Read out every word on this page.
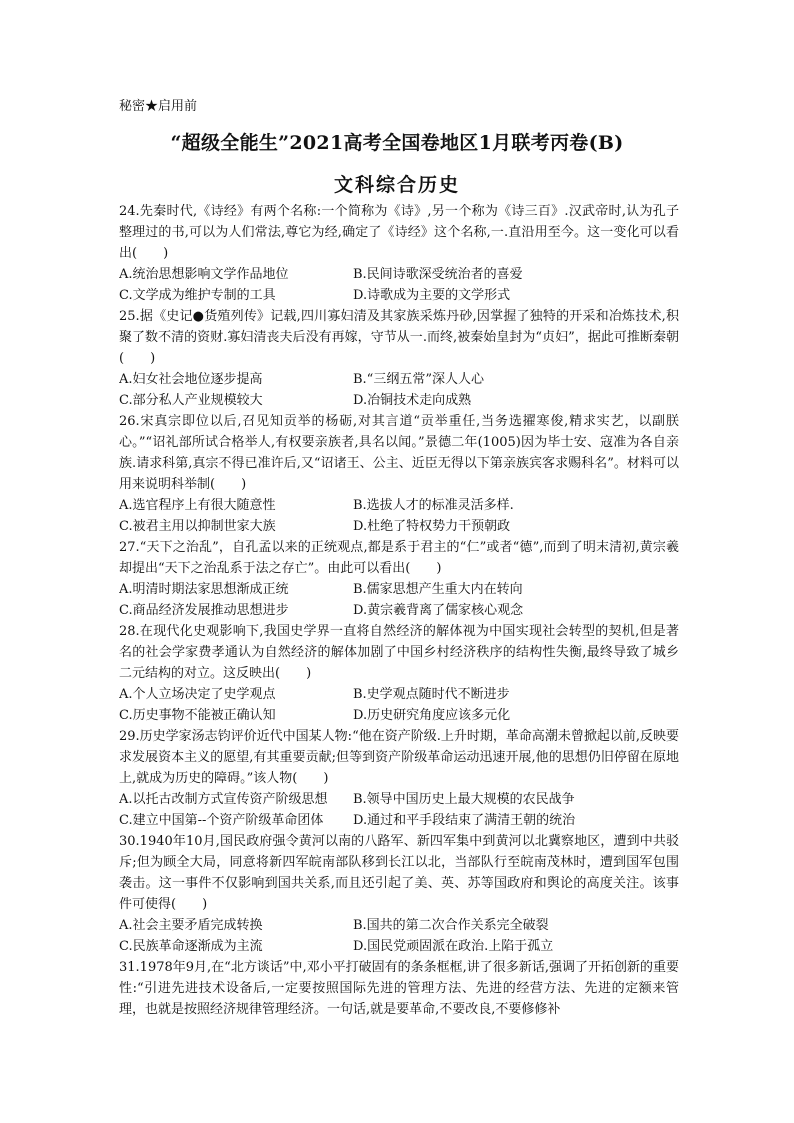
秘密★启用前
“超级全能生”2021高考全国卷地区1月联考丙卷(B)
文科综合历史

24.先秦时代,《诗经》有两个名称:一个简称为《诗》,另一个称为《诗三百》.汉武帝时,认为孔子整理过的书,可以为人们常法,尊它为经,确定了《诗经》这个名称,一.直沿用至今。这一变化可以看出(　　)

A.统治思想影响文学作品地位	B.民间诗歌深受统治者的喜爱
C.文学成为维护专制的工具	D.诗歌成为主要的文学形式

25.据《史记●货殖列传》记载,四川寡妇清及其家族采炼丹砂,因掌握了独特的开采和冶炼技术,积聚了数不清的资财.寡妇清丧夫后没有再嫁，守节从一.而终,被秦始皇封为“贞妇”，据此可推断秦朝(　　)

A.妇女社会地位逐步提高	B.“三纲五常”深人人心
C.部分私人产业规模较大	D.冶铜技术走向成熟

26.宋真宗即位以后,召见知贡举的杨砺,对其言道“贡举重任,当务选擢寒俊,精求实艺，以副朕心。”“诏礼部所试合格举人,有权要亲族者,具名以闻。”景德二年(1005)因为毕士安、寇准为各自亲族.请求科第,真宗不得已准许后,又“诏诸王、公主、近臣无得以下第亲族宾客求赐科名”。材料可以用来说明科举制(　　)

A.选官程序上有很大随意性	B.选拔人才的标准灵活多样.
C.被君主用以抑制世家大族	D.杜绝了特权势力干预朝政

27.“天下之治乱”，自孔孟以来的正统观点,都是系于君主的“仁”或者“德”,而到了明末清初,黄宗羲却提出“天下之治乱系于法之存亡”。由此可以看出(　　)

A.明清时期法家思想渐成正统	B.儒家思想产生重大内在转向
C.商品经济发展推动思想进步	D.黄宗羲背离了儒家核心观念

28.在现代化史观影响下,我国史学界一直将自然经济的解体视为中国实现社会转型的契机,但是著名的社会学家费孝通认为自然经济的解体加剧了中国乡村经济秩序的结构性失衡,最终导致了城乡二元结构的对立。这反映出(　　)

A.个人立场决定了史学观点	B.史学观点随时代不断进步
C.历史事物不能被正确认知	D.历史研究角度应该多元化

29.历史学家汤志钧评价近代中国某人物:“他在资产阶级.上升时期，革命高潮未曾掀起以前,反映要求发展资本主义的愿望,有其重要贡献;但等到资产阶级革命运动迅速开展,他的思想仍旧停留在原地上,就成为历史的障碍。”该人物(　　)

A.以托古改制方式宣传资产阶级思想	B.领导中国历史上最大规模的农民战争
C.建立中国第--个资产阶级革命团体	D.通过和平手段结束了满清王朝的统治

30.1940年10月,国民政府强令黄河以南的八路军、新四军集中到黄河以北冀察地区，遭到中共驳斥;但为顾全大局，同意将新四军皖南部队移到长江以北，当部队行至皖南茂林时，遭到国军包围袭击。这一事件不仅影响到国共关系,而且还引起了美、英、苏等国政府和舆论的高度关注。该事件可使得(　　)

A.社会主要矛盾完成转换	B.国共的第二次合作关系完全破裂
C.民族革命逐渐成为主流	D.国民党顽固派在政治.上陷于孤立

31.1978年9月,在“北方谈话”中,邓小平打破固有的条条框框,讲了很多新话,强调了开拓创新的重要性:“引进先进技术设备后,一定要按照国际先进的管理方法、先进的经营方法、先进的定额来管理，也就是按照经济规律管理经济。一句话,就是要革命,不要改良,不要修修补
